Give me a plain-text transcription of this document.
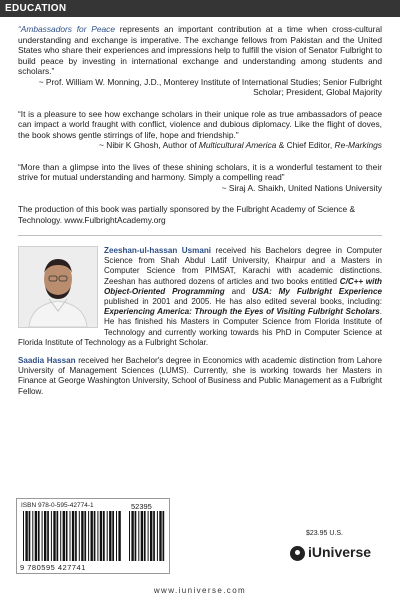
EDUCATION

“Ambassadors for Peace represents an important contribution at a time when cross-cultural understanding and exchange is imperative. The exchange fellows from Pakistan and the United States who share their experiences and impressions help to fulfill the vision of Senator Fulbright to build peace by investing in international exchange and understanding among students and scholars.”

~ Prof. William W. Monning, J.D., Monterey Institute of International Studies; Senior Fulbright Scholar; President, Global Majority

“It is a pleasure to see how exchange scholars in their unique role as true ambassadors of peace can impact a world fraught with conflict, violence and dubious diplomacy. Like the flight of doves, the book shows gentle stirrings of life, hope and friendship.”

~ Nibir K Ghosh, Author of Multicultural America & Chief Editor, Re-Markings

“More than a glimpse into the lives of these shining scholars, it is a wonderful testament to their strive for mutual understanding and harmony. Simply a compelling read”

~ Siraj A. Shaikh, United Nations University

The production of this book was partially sponsored by the Fulbright Academy of Science & Technology. www.FulbrightAcademy.org

Zeeshan-ul-hassan Usmani received his Bachelors degree in Computer Science from Shah Abdul Latif University, Khairpur and a Masters in Computer Science from PIMSAT, Karachi with academic distinctions. Zeeshan has authored dozens of articles and two books entitled C/C++ with Object-Oriented Programming and USA: My Fulbright Experience published in 2001 and 2005. He has also edited several books, including: Experiencing America: Through the Eyes of Visiting Fulbright Scholars. He has finished his Masters in Computer Science from Florida Institute of Technology and currently working towards his PhD in Computer Science at Florida Institute of Technology as a Fulbright Scholar.

Saadia Hassan received her Bachelor's degree in Economics with academic distinction from Lahore University of Management Sciences (LUMS). Currently, she is working towards her Masters in Finance at George Washington University, School of Business and Public Management as a Fulbright Fellow.

ISBN 978-0-595-42774-1	52395
9 780595 427741
$23.95 U.S.
iUniverse
www.iuniverse.com
